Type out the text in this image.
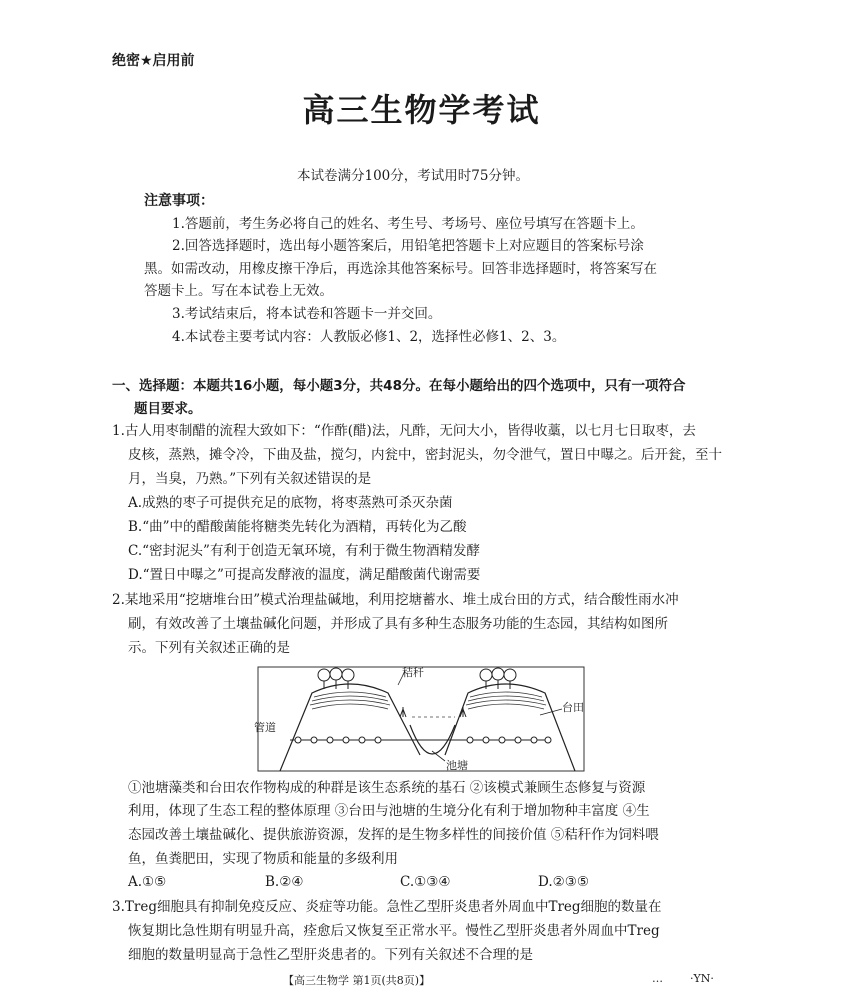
绝密★启用前
高三生物学考试
本试卷满分100分，考试用时75分钟。
注意事项：
1.答题前，考生务必将自己的姓名、考生号、考场号、座位号填写在答题卡上。
2.回答选择题时，选出每小题答案后，用铅笔把答题卡上对应题目的答案标号涂
黑。如需改动，用橡皮擦干净后，再选涂其他答案标号。回答非选择题时，将答案写在
答题卡上。写在本试卷上无效。
3.考试结束后，将本试卷和答题卡一并交回。
4.本试卷主要考试内容：人教版必修1、2，选择性必修1、2、3。
一、选择题：本题共16小题，每小题3分，共48分。在每小题给出的四个选项中，只有一项符合
题目要求。
1.古人用枣制醋的流程大致如下：“作酢(醋)法，凡酢，无问大小，皆得收藁，以七月七日取枣，去
皮核，蒸熟，摊令冷，下曲及盐，搅匀，内瓮中，密封泥头，勿令泄气，置日中曝之。后开瓮，至十
月，当臭，乃熟。”下列有关叙述错误的是
A.成熟的枣子可提供充足的底物，将枣蒸熟可杀灭杂菌
B.“曲”中的醋酸菌能将糖类先转化为酒精，再转化为乙酸
C.“密封泥头”有利于创造无氧环境，有利于微生物酒精发酵
D.“置日中曝之”可提高发酵液的温度，满足醋酸菌代谢需要
2.某地采用“挖塘堆台田”模式治理盐碱地，利用挖塘蓄水、堆土成台田的方式，结合酸性雨水冲
刷，有效改善了土壤盐碱化问题，并形成了具有多种生态服务功能的生态园，其结构如图所
示。下列有关叙述正确的是
秸秆
台田
管道
池塘
①池塘藻类和台田农作物构成的种群是该生态系统的基石 ②该模式兼顾生态修复与资源
利用，体现了生态工程的整体原理 ③台田与池塘的生境分化有利于增加物种丰富度 ④生
态园改善土壤盐碱化、提供旅游资源，发挥的是生物多样性的间接价值 ⑤秸秆作为饲料喂
鱼，鱼粪肥田，实现了物质和能量的多级利用
A.①⑤	B.②④	C.①③④	D.②③⑤
3.Treg细胞具有抑制免疫反应、炎症等功能。急性乙型肝炎患者外周血中Treg细胞的数量在
恢复期比急性期有明显升高，痊愈后又恢复至正常水平。慢性乙型肝炎患者外周血中Treg
细胞的数量明显高于急性乙型肝炎患者的。下列有关叙述不合理的是
【高三生物学 第1页(共8页)】	… ·YN·
